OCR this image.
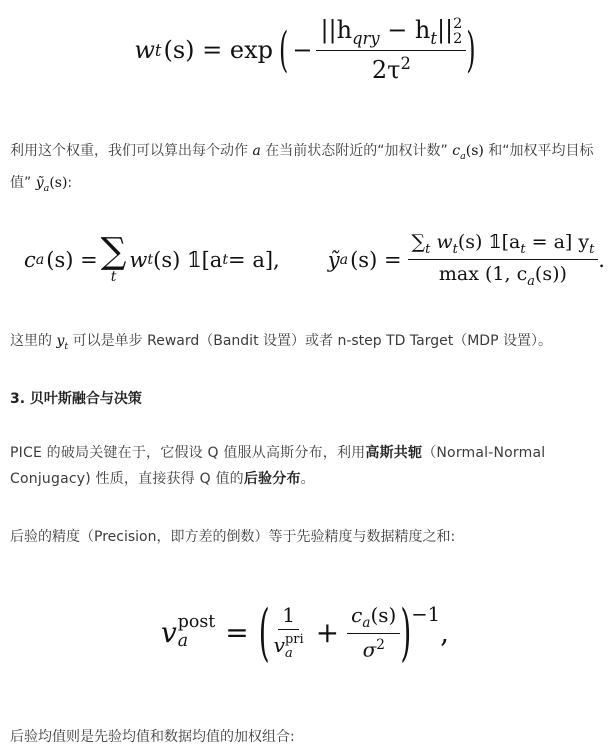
w t (s) = exp ( − $||h_{qry} - h_t||$ 2
2
$2\tau^2$ )
利用这个权重，我们可以算出每个动作 a 在当前状态附近的“加权计数” $c_a(s)$ 和“加权平均目标值” ỹ$_a$(s):
c a (s) = ∑
t
w t (s) 𝟙[a t = a], ỹ a $(s) = \frac{\sum_t w_t(s) 𝟙[a_t = a] y_t}{\max (1, c_a(s))}$ .
这里的 $y_t$ 可以是单步 Reward（Bandit 设置）或者 n-step TD Target（MDP 设置）。
3. 贝叶斯融合与决策
PICE 的破局关键在于，它假设 Q 值服从高斯分布，利用高斯共轭（Normal-Normal Conjugacy) 性质，直接获得 Q 值的后验分布。
后验的精度（Precision，即方差的倒数）等于先验精度与数据精度之和:
v post
a	= ( 1
v pri
$a + \frac{c_a(s)}{\sigma^2} )^{-1}$
,
后验均值则是先验均值和数据均值的加权组合:
